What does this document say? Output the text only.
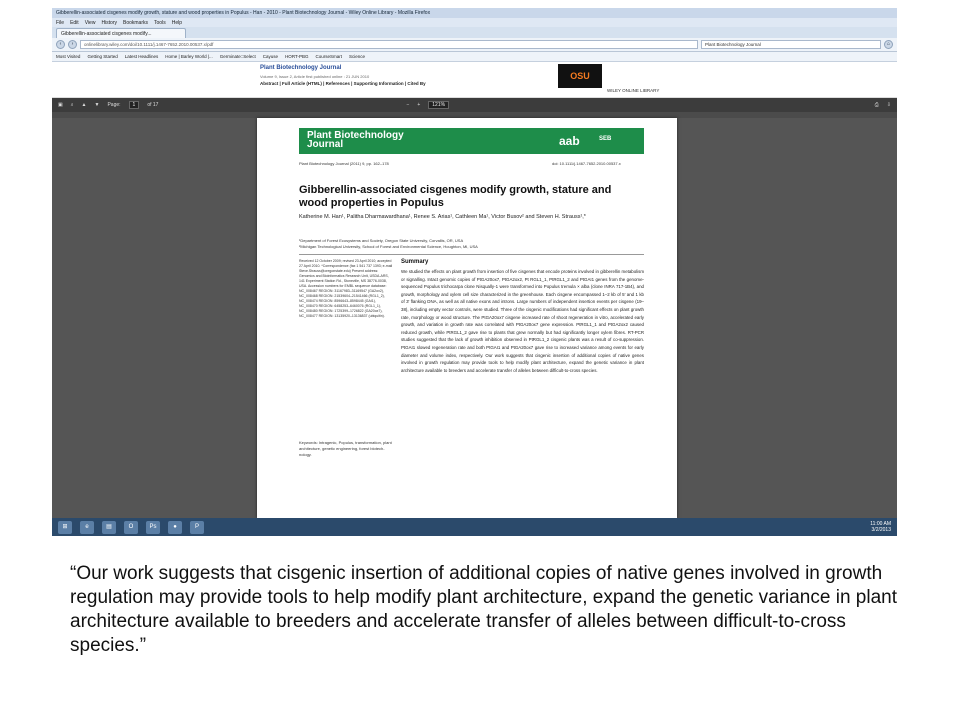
Gibberellin-associated cisgenes modify growth, stature and wood properties in Populus - Han - 2010 - Plant Biotechnology Journal - Wiley Online Library - Mozilla Firefox
File Edit View History Bookmarks Tools Help
Gibberellin-associated cisgenes modify...
‹	›	onlinelibrary.wiley.com/doi/10.1111/j.1467-7652.2010.00537.x/pdf	Plant Biotechnology Journal	⌂
Most Visited Getting Started Latest Headlines Home | Barley World |... Germinate::Select Cayuse HORT-PBG CourseSmart Science
Plant Biotechnology Journal
Volume 9, Issue 2, Article first published online : 21 JUN 2010
Abstract | Full Article (HTML) | References | Supporting Information | Cited By
OSU
WILEY ONLINE LIBRARY
▣ ⌕ ▲ ▼ Page:	1	of 17	− +	121%	⎙ ⇩
Plant Biotechnology Journal	aab	SEB
Plant Biotechnology Journal (2011) 9, pp. 162–178	doi: 10.1111/j.1467-7652.2010.00537.x
Gibberellin-associated cisgenes modify growth, stature and wood properties in Populus
Katherine M. Han¹, Palitha Dharmawardhana¹, Renee S. Arias¹, Cathleen Ma¹, Victor Busov² and Steven H. Strauss¹,*
¹Department of Forest Ecosystems and Society, Oregon State University, Corvallis, OR, USA
²Michigan Technological University, School of Forest and Environmental Science, Houghton, MI, USA
Received 12 October 2009; revised 23 April 2010; accepted 27 April 2010. *Correspondence (fax 1 541 737 1393; e-mail Steve.Strauss@oregonstate.edu) Present address: Genomics and Bioinformatics Research Unit, USDA-ARS, 141 Experiment Station Rd., Stoneville, MS 38776-0038, USA. Accession numbers for EMBL sequence database: NC_008467 REGION: 31167983–31169547 (GA2ox2), NC_008468 REGION: 21539604–21541466 (RGL1_2), NC_008474 REGION: 8596643–8598445 (GAI1), NC_008470 REGION: 6458253–6460076 (RGL1_1), NC_008480 REGION: 1725399–1726822 (GA20ox7), NC_008477 REGION: 13135920–13136837 (ubiquitin).
Keywords: Intragenic, Populus, transformation, plant architecture, genetic engineering, forest biotech-nology.
Summary
We studied the effects on plant growth from insertion of five cisgenes that encode proteins involved in gibberellin metabolism or signalling. Intact genomic copies of PtGA20ox7, PtGA2ox2, Pt RGL1_1, PtRGL1_2 and PtGAI1 genes from the genome-sequenced Populus trichocarpa clone Nisqually-1 were transformed into Populus tremula × alba (clone INRA 717-1B4), and growth, morphology and xylem cell size characterized in the greenhouse. Each cisgene encompassed 1–2 kb of 5′ and 1 kb of 3′ flanking DNA, as well as all native exons and introns. Large numbers of independent insertion events per cisgene (19–38), including empty vector controls, were studied. Three of the cisgenic modifications had significant effects on plant growth rate, morphology or wood structure. The PtGA20ox7 cisgene increased rate of shoot regeneration in vitro, accelerated early growth, and variation in growth rate was correlated with PtGA20ox7 gene expression. PtRGL1_1 and PtGA2ox2 caused reduced growth, while PtRGL1_2 gave rise to plants that grew normally but had significantly longer xylem fibres. RT-PCR studies suggested that the lack of growth inhibition observed in PtRGL1_2 cisgenic plants was a result of co-suppression. PtGAI1 slowed regeneration rate and both PtGAI1 and PtGA20ox7 gave rise to increased variance among events for early diameter and volume index, respectively. Our work suggests that cisgenic insertion of additional copies of native genes involved in growth regulation may provide tools to help modify plant architecture, expand the genetic variance in plant architecture available to breeders and accelerate transfer of alleles between difficult-to-cross species.
⊞	e	▤	O	Ps	●	P	11:00 AM
3/2/2013
“Our work suggests that cisgenic insertion of additional copies of native genes involved in growth regulation may provide tools to help modify plant architecture, expand the genetic variance in plant architecture available to breeders and accelerate transfer of alleles between difficult-to-cross species.”
